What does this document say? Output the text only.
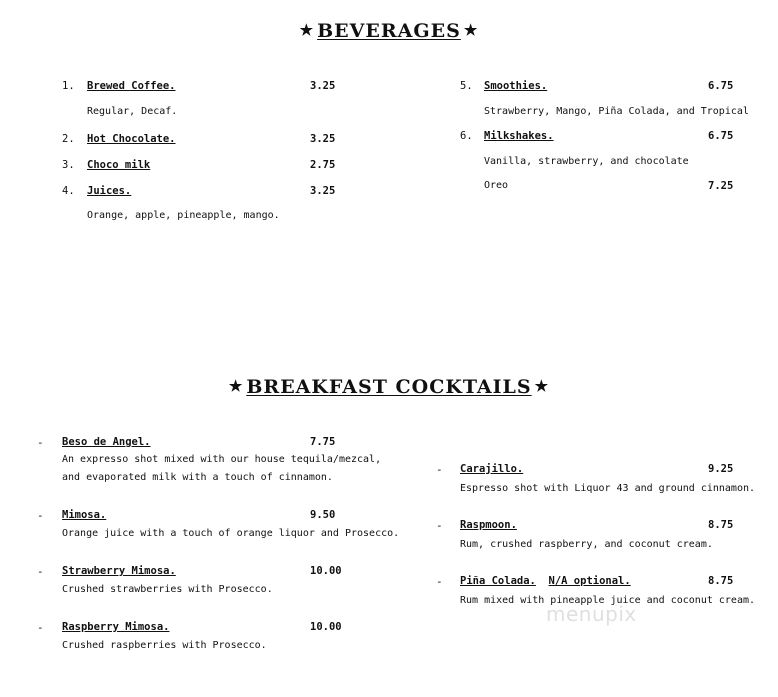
★ BEVERAGES ★
★ BREAKFAST COCKTAILS ★
1. Brewed Coffee.	3.25
Regular, Decaf.
2. Hot Chocolate.	3.25
3. Choco milk	2.75
4. Juices.	3.25
Orange, apple, pineapple, mango.
5. Smoothies.	6.75
Strawberry, Mango, Piña Colada, and Tropical
6. Milkshakes.	6.75
Vanilla, strawberry, and chocolate
Oreo	7.25
- Beso de Angel.	7.75
An expresso shot mixed with our house tequila/mezcal,
and evaporated milk with a touch of cinnamon.
- Mimosa.	9.50
Orange juice with a touch of orange liquor and Prosecco.
- Strawberry Mimosa.	10.00
Crushed strawberries with Prosecco.
- Raspberry Mimosa.	10.00
Crushed raspberries with Prosecco.
- Carajillo.	9.25
Espresso shot with Liquor 43 and ground cinnamon.
- Raspmoon.	8.75
Rum, crushed raspberry, and coconut cream.
- Piña Colada. N/A optional.	8.75
Rum mixed with pineapple juice and coconut cream.
menupix
